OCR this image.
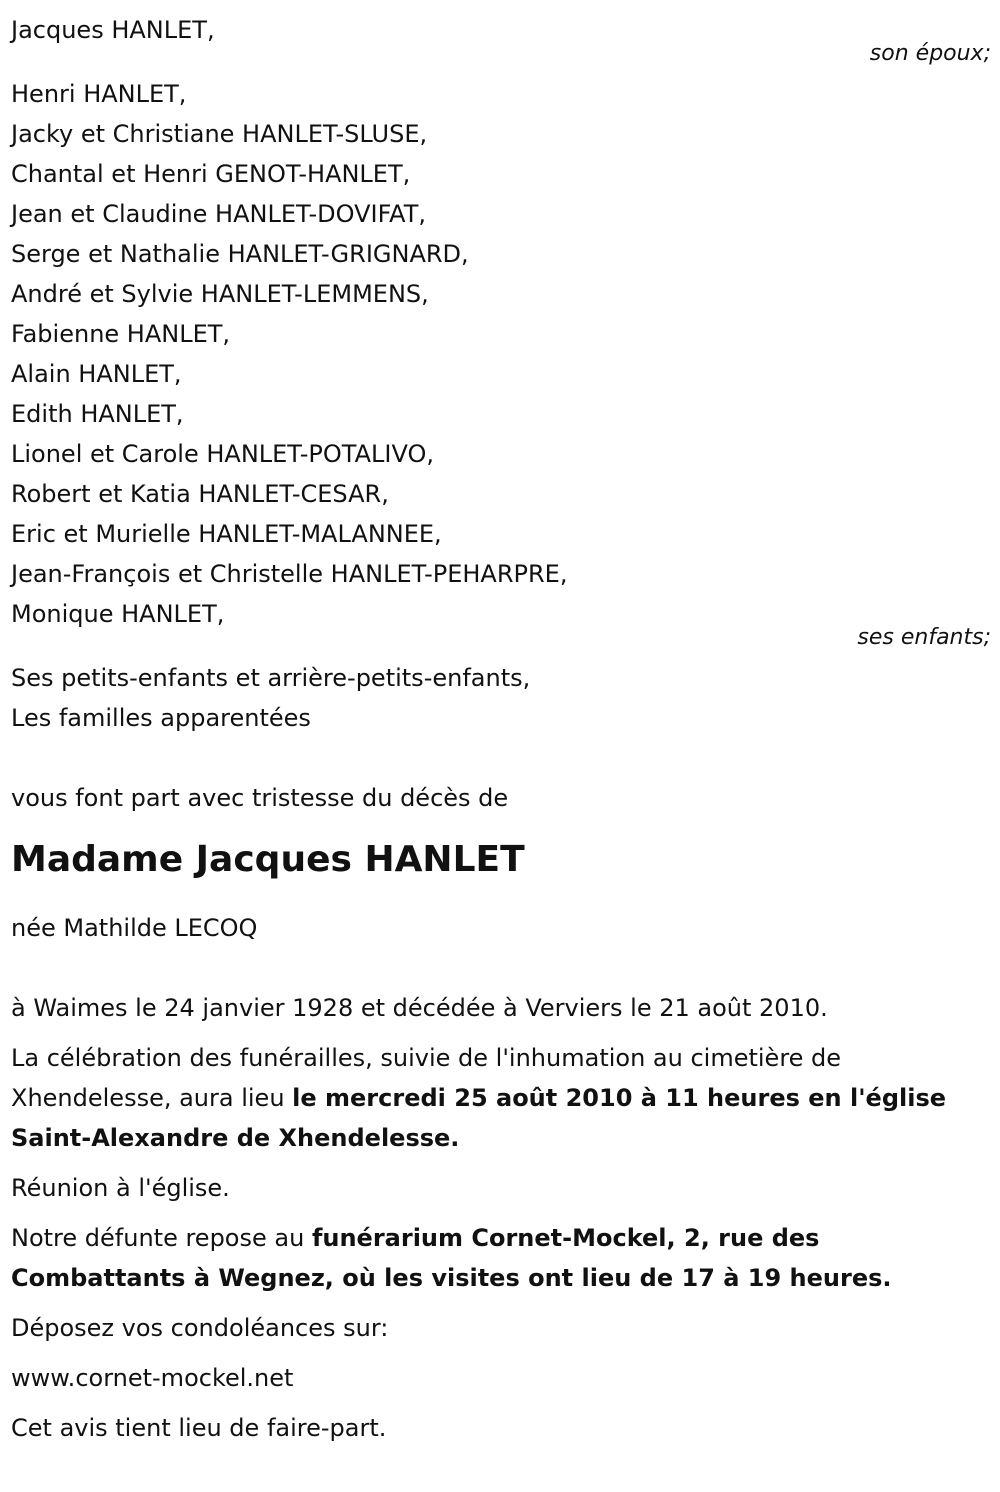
Jacques HANLET,
son époux;
Henri HANLET,
Jacky et Christiane HANLET-SLUSE,
Chantal et Henri GENOT-HANLET,
Jean et Claudine HANLET-DOVIFAT,
Serge et Nathalie HANLET-GRIGNARD,
André et Sylvie HANLET-LEMMENS,
Fabienne HANLET,
Alain HANLET,
Edith HANLET,
Lionel et Carole HANLET-POTALIVO,
Robert et Katia HANLET-CESAR,
Eric et Murielle HANLET-MALANNEE,
Jean-François et Christelle HANLET-PEHARPRE,
Monique HANLET,
ses enfants;
Ses petits-enfants et arrière-petits-enfants,
Les familles apparentées
vous font part avec tristesse du décès de
Madame Jacques HANLET
née Mathilde LECOQ
à Waimes le 24 janvier 1928 et décédée à Verviers le 21 août 2010.
La célébration des funérailles, suivie de l'inhumation au cimetière de Xhendelesse, aura lieu le mercredi 25 août 2010 à 11 heures en l'église Saint-Alexandre de Xhendelesse.
Réunion à l'église.
Notre défunte repose au funérarium Cornet-Mockel, 2, rue des Combattants à Wegnez, où les visites ont lieu de 17 à 19 heures.
Déposez vos condoléances sur:
www.cornet-mockel.net
Cet avis tient lieu de faire-part.
